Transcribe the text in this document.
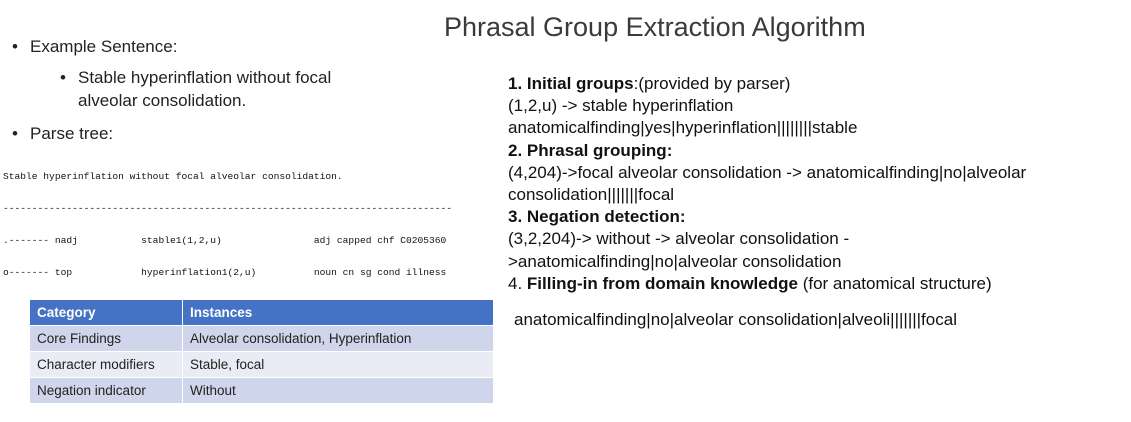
Phrasal Group Extraction Algorithm
• Example Sentence:
• Stable hyperinflation without focal
alveolar consolidation.
• Parse tree:

Stable hyperinflation without focal alveolar consolidation.

------------------------------------------------------------------------------

.------- nadj           stable1(1,2,u)                adj capped chf C0205360

o------- top            hyperinflation1(2,u)          noun cn sg cond illness

Category	Instances
Core Findings	Alveolar consolidation, Hyperinflation
Character modifiers	Stable, focal
Negation indicator	Without
1. Initial groups:(provided by parser)
(1,2,u) -> stable hyperinflation
anatomicalfinding|yes|hyperinflation||||||||stable
2. Phrasal grouping:
(4,204)->focal alveolar consolidation -> anatomicalfinding|no|alveolar
consolidation|||||||focal
3. Negation detection:
(3,2,204)-> without -> alveolar consolidation -
>anatomicalfinding|no|alveolar consolidation
4. Filling-in from domain knowledge (for anatomical structure)
anatomicalfinding|no|alveolar consolidation|alveoli|||||||focal
